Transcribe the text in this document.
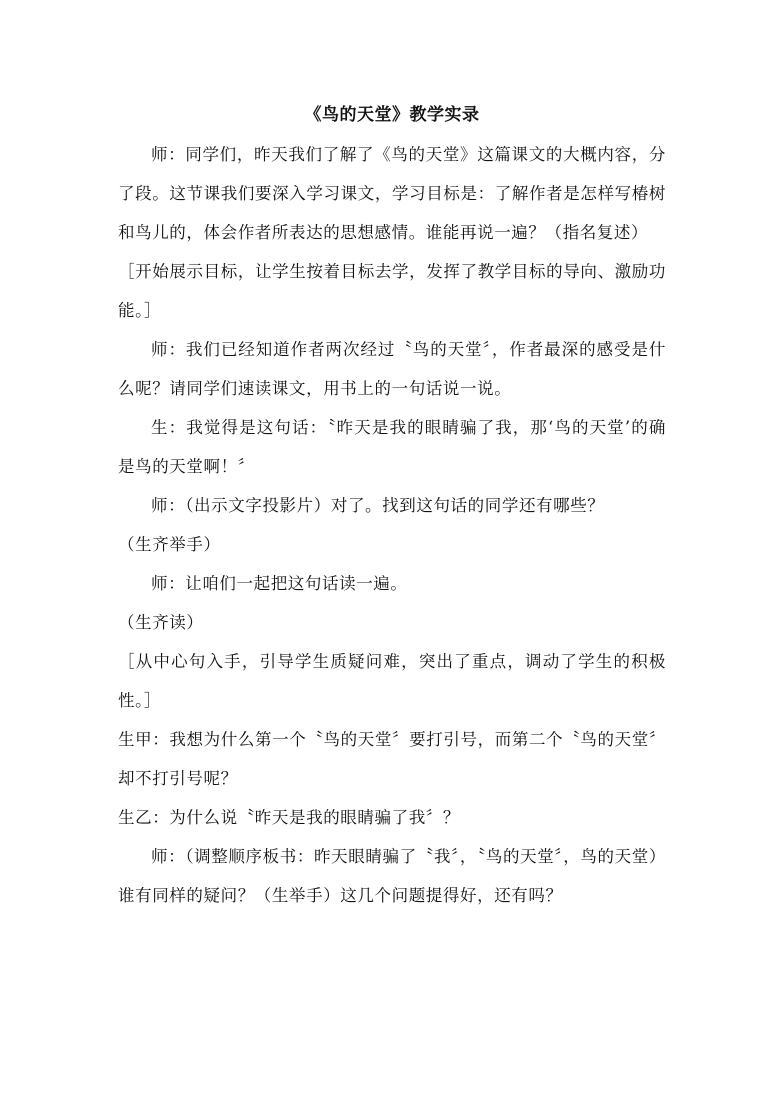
《鸟的天堂》教学实录

师：同学们，昨天我们了解了《鸟的天堂》这篇课文的大概内容，分了段。这节课我们要深入学习课文，学习目标是：了解作者是怎样写椿树和鸟儿的，体会作者所表达的思想感情。谁能再说一遍？（指名复述）

［开始展示目标，让学生按着目标去学，发挥了教学目标的导向、激励功能。］

师：我们已经知道作者两次经过〝鸟的天堂〞，作者最深的感受是什么呢？请同学们速读课文，用书上的一句话说一说。

生：我觉得是这句话：〝昨天是我的眼睛骗了我，那‘鸟的天堂’的确是鸟的天堂啊！〞

师：（出示文字投影片）对了。找到这句话的同学还有哪些？

（生齐举手）

师：让咱们一起把这句话读一遍。

（生齐读）

［从中心句入手，引导学生质疑问难，突出了重点，调动了学生的积极性。］

生甲：我想为什么第一个〝鸟的天堂〞要打引号，而第二个〝鸟的天堂〞却不打引号呢？

生乙：为什么说〝昨天是我的眼睛骗了我〞？

师：（调整顺序板书：昨天眼睛骗了〝我〞，〝鸟的天堂〞，鸟的天堂）谁有同样的疑问？（生举手）这几个问题提得好，还有吗？
